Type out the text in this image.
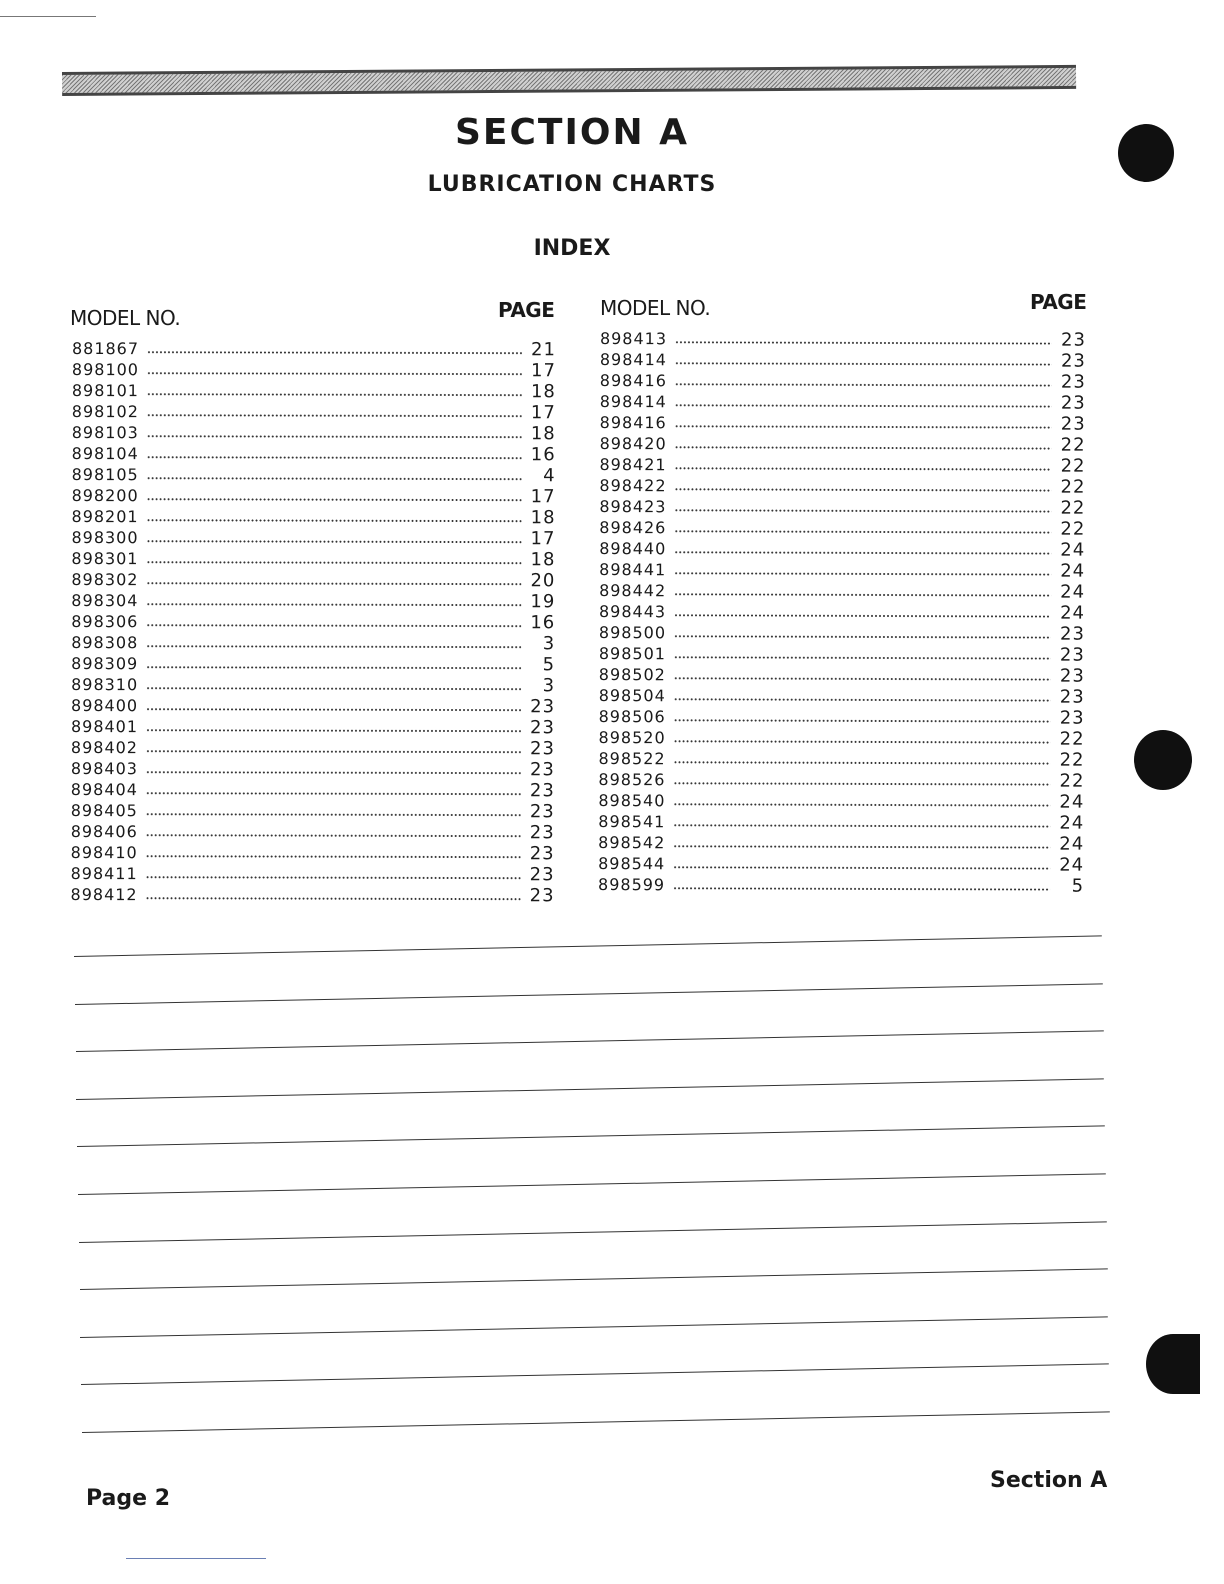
SECTION A
LUBRICATION CHARTS
INDEX
MODEL NO.	PAGE MODEL NO.	PAGE
881867	21
898100	17
898101	18
898102	17
898103	18
898104	16
898105	4
898200	17
898201	18
898300	17
898301	18
898302	20
898304	19
898306	16
898308	3
898309	5
898310	3
898400	23
898401	23
898402	23
898403	23
898404	23
898405	23
898406	23
898410	23
898411	23
898412	23
898413	23
898414	23
898416	23
898414	23
898416	23
898420	22
898421	22
898422	22
898423	22
898426	22
898440	24
898441	24
898442	24
898443	24
898500	23
898501	23
898502	23
898504	23
898506	23
898520	22
898522	22
898526	22
898540	24
898541	24
898542	24
898544	24
898599	5
Page 2
Section A
